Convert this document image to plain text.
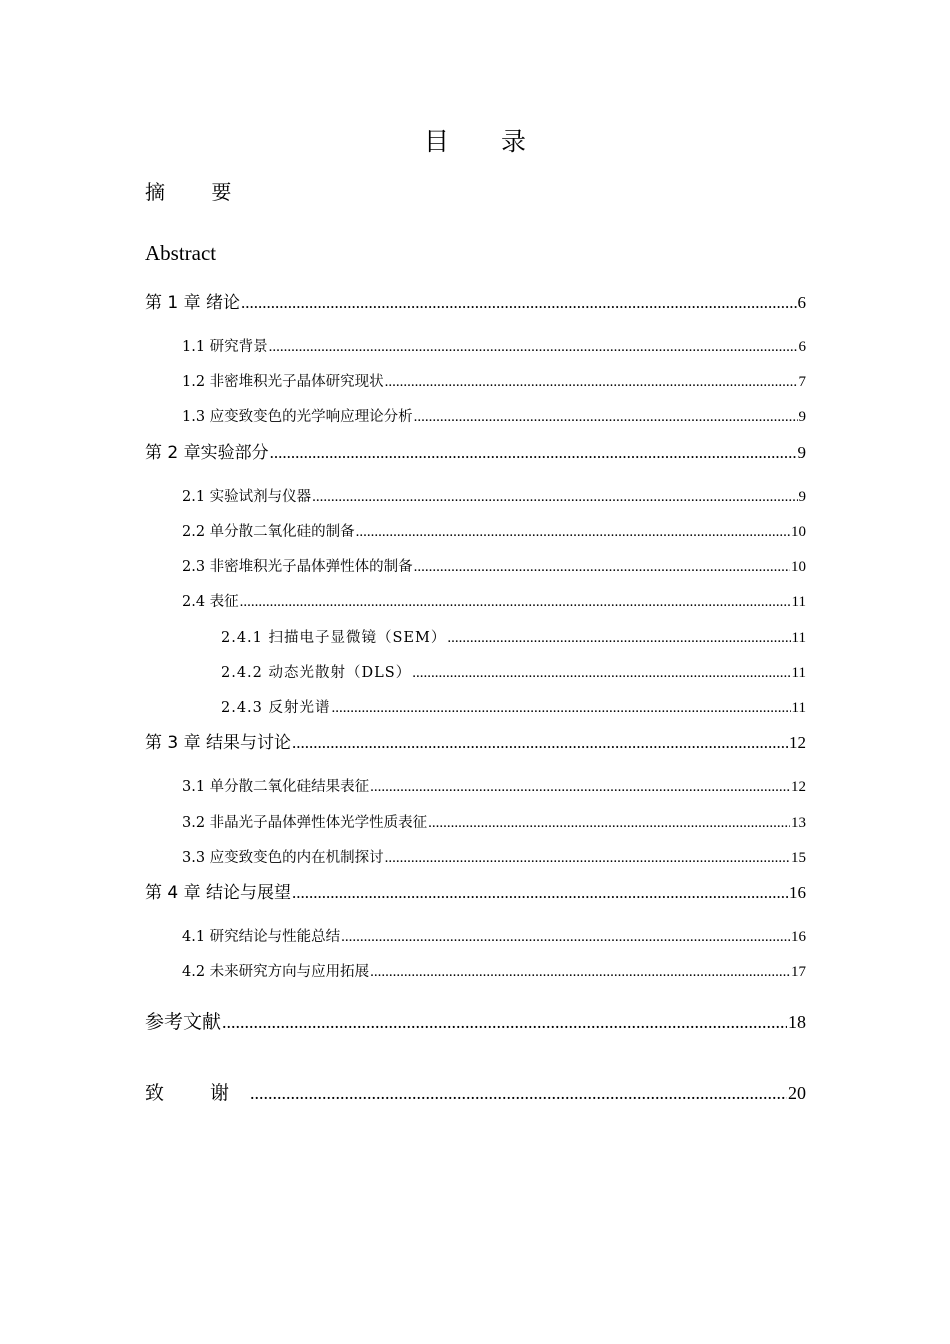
目 录
摘 要
Abstract
第 1 章 绪论 .....	6
1.1 研究背景 .....	6
1.2 非密堆积光子晶体研究现状 .....	7
1.3 应变致变色的光学响应理论分析 .....	9
第 2 章实验部分 .....	9
2.1 实验试剂与仪器 .....	9
2.2 单分散二氧化硅的制备 .....	10
2.3 非密堆积光子晶体弹性体的制备 .....	10
2.4 表征 .....	11
2.4.1 扫描电子显微镜（SEM） .....	11
2.4.2 动态光散射（DLS） .....	11
2.4.3 反射光谱 .....	11
第 3 章 结果与讨论 .....	12
3.1 单分散二氧化硅结果表征 .....	12
3.2 非晶光子晶体弹性体光学性质表征 .....	13
3.3 应变致变色的内在机制探讨 .....	15
第 4 章 结论与展望 .....	16
4.1 研究结论与性能总结 .....	16
4.2 未来研究方向与应用拓展 .....	17
参考文献 .....	18
致 谢 .....	20
